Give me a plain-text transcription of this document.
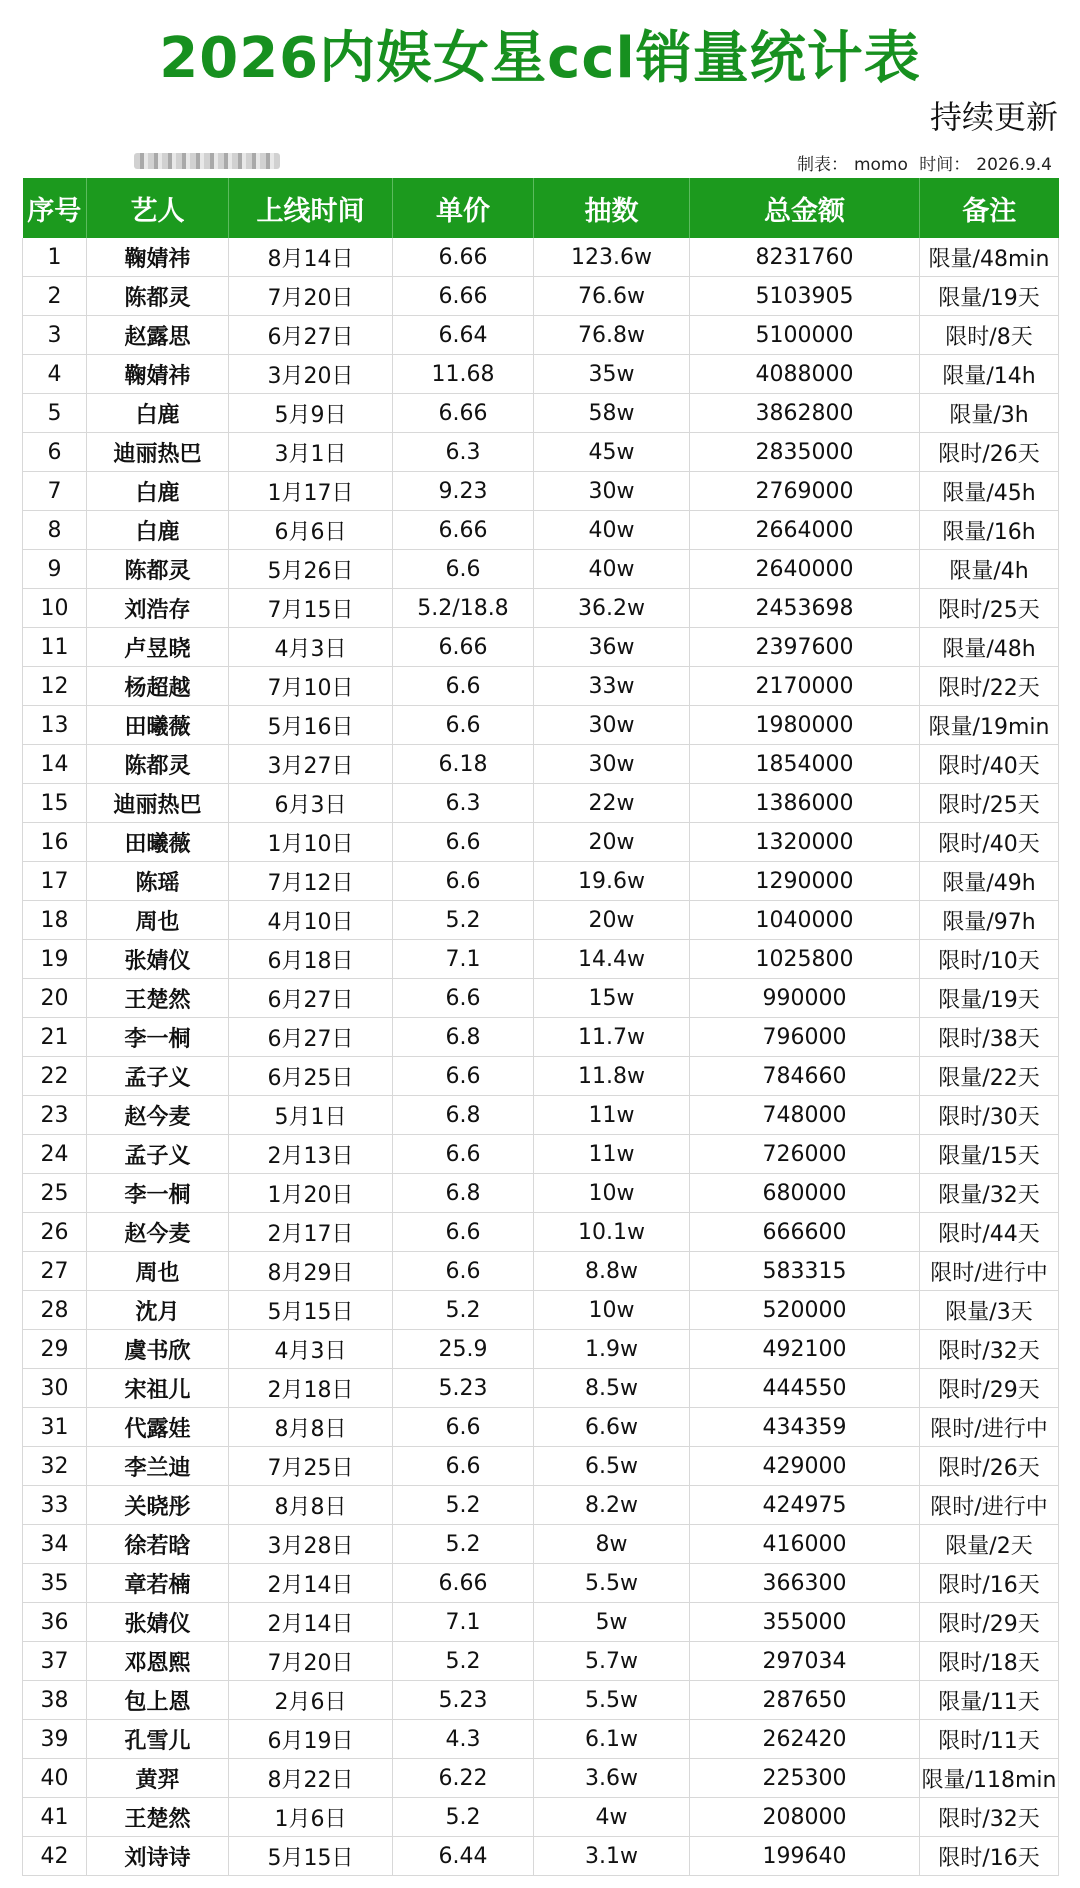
2026内娱女星ccl销量统计表
持续更新
制表： momo 时间： 2026.9.4
序号	艺人	上线时间	单价	抽数	总金额	备注
1	鞠婧祎	8月14日	6.66	123.6w	8231760	限量/48min
2	陈都灵	7月20日	6.66	76.6w	5103905	限量/19天
3	赵露思	6月27日	6.64	76.8w	5100000	限时/8天
4	鞠婧祎	3月20日	11.68	35w	4088000	限量/14h
5	白鹿	5月9日	6.66	58w	3862800	限量/3h
6	迪丽热巴	3月1日	6.3	45w	2835000	限时/26天
7	白鹿	1月17日	9.23	30w	2769000	限量/45h
8	白鹿	6月6日	6.66	40w	2664000	限量/16h
9	陈都灵	5月26日	6.6	40w	2640000	限量/4h
10	刘浩存	7月15日	5.2/18.8	36.2w	2453698	限时/25天
11	卢昱晓	4月3日	6.66	36w	2397600	限量/48h
12	杨超越	7月10日	6.6	33w	2170000	限时/22天
13	田曦薇	5月16日	6.6	30w	1980000	限量/19min
14	陈都灵	3月27日	6.18	30w	1854000	限时/40天
15	迪丽热巴	6月3日	6.3	22w	1386000	限时/25天
16	田曦薇	1月10日	6.6	20w	1320000	限时/40天
17	陈瑶	7月12日	6.6	19.6w	1290000	限量/49h
18	周也	4月10日	5.2	20w	1040000	限量/97h
19	张婧仪	6月18日	7.1	14.4w	1025800	限时/10天
20	王楚然	6月27日	6.6	15w	990000	限量/19天
21	李一桐	6月27日	6.8	11.7w	796000	限时/38天
22	孟子义	6月25日	6.6	11.8w	784660	限量/22天
23	赵今麦	5月1日	6.8	11w	748000	限时/30天
24	孟子义	2月13日	6.6	11w	726000	限量/15天
25	李一桐	1月20日	6.8	10w	680000	限量/32天
26	赵今麦	2月17日	6.6	10.1w	666600	限时/44天
27	周也	8月29日	6.6	8.8w	583315	限时/进行中
28	沈月	5月15日	5.2	10w	520000	限量/3天
29	虞书欣	4月3日	25.9	1.9w	492100	限时/32天
30	宋祖儿	2月18日	5.23	8.5w	444550	限时/29天
31	代露娃	8月8日	6.6	6.6w	434359	限时/进行中
32	李兰迪	7月25日	6.6	6.5w	429000	限时/26天
33	关晓彤	8月8日	5.2	8.2w	424975	限时/进行中
34	徐若晗	3月28日	5.2	8w	416000	限量/2天
35	章若楠	2月14日	6.66	5.5w	366300	限时/16天
36	张婧仪	2月14日	7.1	5w	355000	限时/29天
37	邓恩熙	7月20日	5.2	5.7w	297034	限时/18天
38	包上恩	2月6日	5.23	5.5w	287650	限量/11天
39	孔雪儿	6月19日	4.3	6.1w	262420	限时/11天
40	黄羿	8月22日	6.22	3.6w	225300	限量/118min
41	王楚然	1月6日	5.2	4w	208000	限时/32天
42	刘诗诗	5月15日	6.44	3.1w	199640	限时/16天
